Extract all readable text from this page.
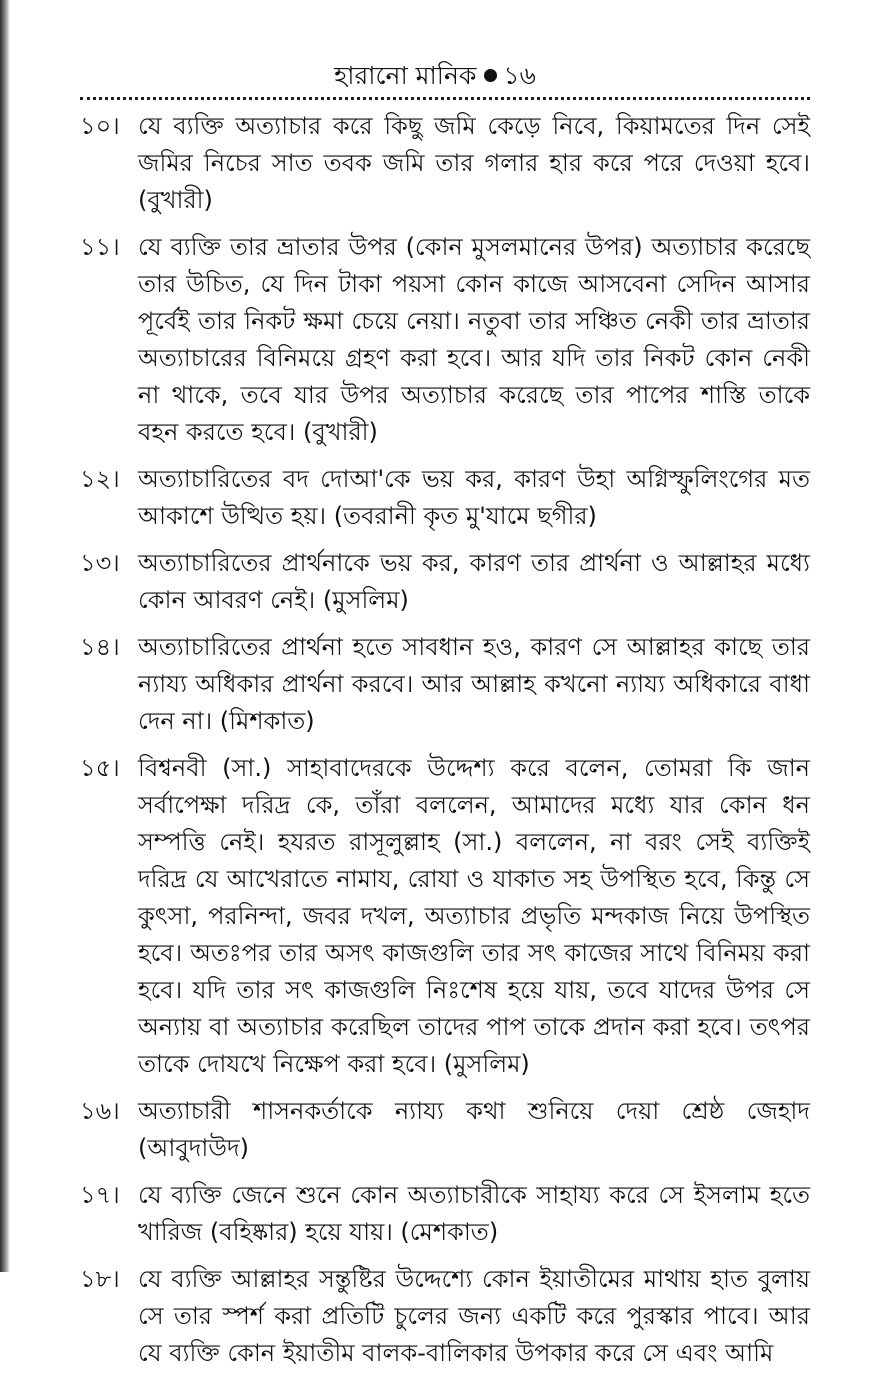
হারানো মানিক ১৬
১০। যে ব্যক্তি অত্যাচার করে কিছু জমি কেড়ে নিবে, কিয়ামতের দিন সেই জমির নিচের সাত তবক জমি তার গলার হার করে পরে দেওয়া হবে। (বুখারী)
১১। যে ব্যক্তি তার ভ্রাতার উপর (কোন মুসলমানের উপর) অত্যাচার করেছে তার উচিত, যে দিন টাকা পয়সা কোন কাজে আসবেনা সেদিন আসার পূর্বেই তার নিকট ক্ষমা চেয়ে নেয়া। নতুবা তার সঞ্চিত নেকী তার ভ্রাতার অত্যাচারের বিনিময়ে গ্রহণ করা হবে। আর যদি তার নিকট কোন নেকী না থাকে, তবে যার উপর অত্যাচার করেছে তার পাপের শাস্তি তাকে বহন করতে হবে। (বুখারী)
১২। অত্যাচারিতের বদ দোআ'কে ভয় কর, কারণ উহা অগ্নিস্ফুলিংগের মত আকাশে উত্থিত হয়। (তবরানী কৃত মু'যামে ছগীর)
১৩। অত্যাচারিতের প্রার্থনাকে ভয় কর, কারণ তার প্রার্থনা ও আল্লাহর মধ্যে কোন আবরণ নেই। (মুসলিম)
১৪। অত্যাচারিতের প্রার্থনা হতে সাবধান হও, কারণ সে আল্লাহর কাছে তার ন্যায্য অধিকার প্রার্থনা করবে। আর আল্লাহ কখনো ন্যায্য অধিকারে বাধা দেন না। (মিশকাত)
১৫। বিশ্বনবী (সা.) সাহাবাদেরকে উদ্দেশ্য করে বলেন, তোমরা কি জান সর্বাপেক্ষা দরিদ্র কে, তাঁরা বললেন, আমাদের মধ্যে যার কোন ধন সম্পত্তি নেই। হযরত রাসূলুল্লাহ (সা.) বললেন, না বরং সেই ব্যক্তিই দরিদ্র যে আখেরাতে নামায, রোযা ও যাকাত সহ উপস্থিত হবে, কিন্তু সে কুৎসা, পরনিন্দা, জবর দখল, অত্যাচার প্রভৃতি মন্দকাজ নিয়ে উপস্থিত হবে। অতঃপর তার অসৎ কাজগুলি তার সৎ কাজের সাথে বিনিময় করা হবে। যদি তার সৎ কাজগুলি নিঃশেষ হয়ে যায়, তবে যাদের উপর সে অন্যায় বা অত্যাচার করেছিল তাদের পাপ তাকে প্রদান করা হবে। তৎপর তাকে দোযখে নিক্ষেপ করা হবে। (মুসলিম)
১৬। অত্যাচারী শাসনকর্তাকে ন্যায্য কথা শুনিয়ে দেয়া শ্রেষ্ঠ জেহাদ (আবুদাউদ)
১৭। যে ব্যক্তি জেনে শুনে কোন অত্যাচারীকে সাহায্য করে সে ইসলাম হতে খারিজ (বহিষ্কার) হয়ে যায়। (মেশকাত)
১৮। যে ব্যক্তি আল্লাহর সন্তুষ্টির উদ্দেশ্যে কোন ইয়াতীমের মাথায় হাত বুলায় সে তার স্পর্শ করা প্রতিটি চুলের জন্য একটি করে পুরস্কার পাবে। আর যে ব্যক্তি কোন ইয়াতীম বালক-বালিকার উপকার করে সে এবং আমি
